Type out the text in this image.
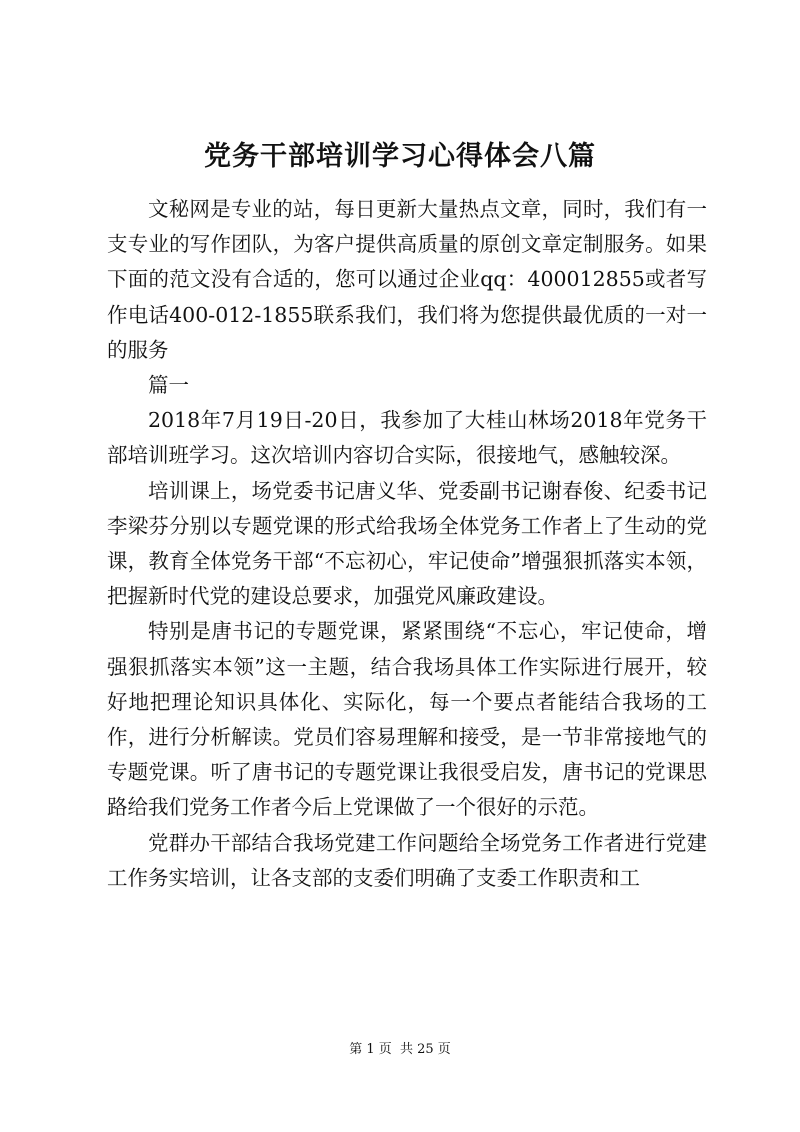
党务干部培训学习心得体会八篇

文秘网是专业的站，每日更新大量热点文章，同时，我们有一支专业的写作团队，为客户提供高质量的原创文章定制服务。如果下面的范文没有合适的，您可以通过企业qq：400012855或者写作电话400-012-1855联系我们，我们将为您提供最优质的一对一的服务

篇一

2018年7月19日-20日，我参加了大桂山林场2018年党务干部培训班学习。这次培训内容切合实际，很接地气，感触较深。

培训课上，场党委书记唐义华、党委副书记谢春俊、纪委书记李梁芬分别以专题党课的形式给我场全体党务工作者上了生动的党课，教育全体党务干部“不忘初心，牢记使命”增强狠抓落实本领，把握新时代党的建设总要求，加强党风廉政建设。

特别是唐书记的专题党课，紧紧围绕“不忘心，牢记使命，增强狠抓落实本领”这一主题，结合我场具体工作实际进行展开，较好地把理论知识具体化、实际化，每一个要点者能结合我场的工作，进行分析解读。党员们容易理解和接受，是一节非常接地气的专题党课。听了唐书记的专题党课让我很受启发，唐书记的党课思路给我们党务工作者今后上党课做了一个很好的示范。

党群办干部结合我场党建工作问题给全场党务工作者进行党建工作务实培训，让各支部的支委们明确了支委工作职责和工

第 1 页  共 25 页
